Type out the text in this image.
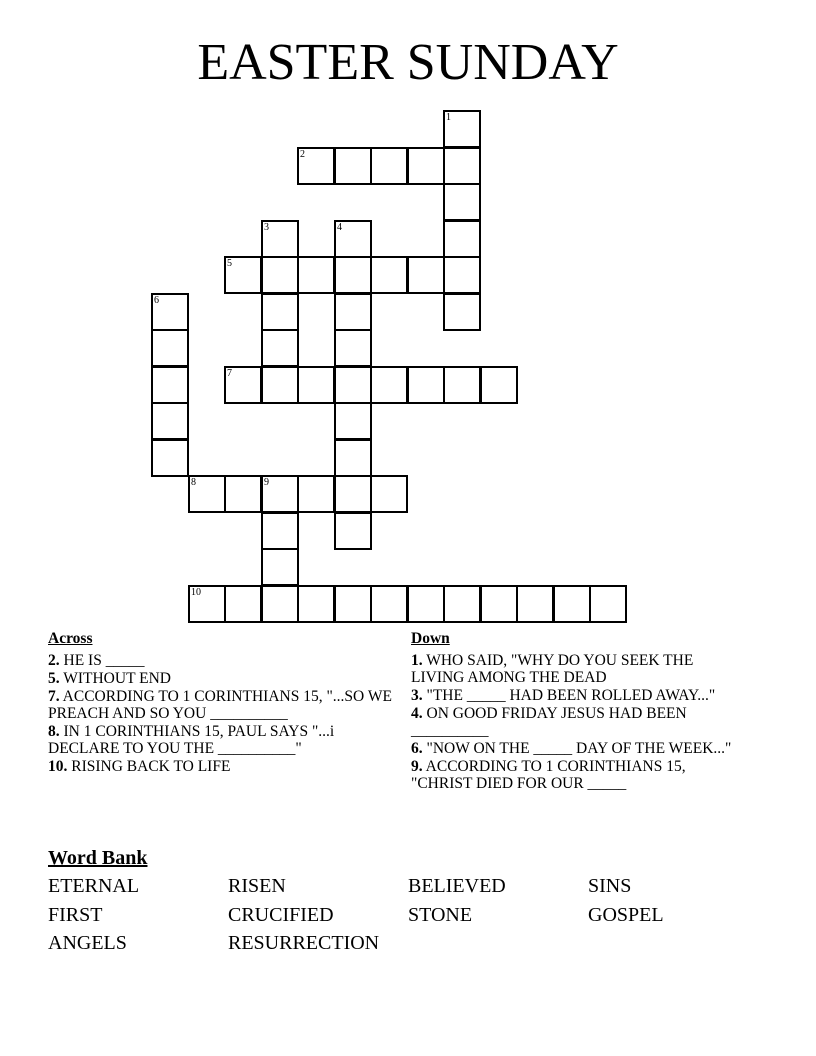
EASTER SUNDAY
1
2
3	4
5
6
7
8	9
10
Across
2. HE IS _____
5. WITHOUT END
7. ACCORDING TO 1 CORINTHIANS 15, "...SO WE PREACH AND SO YOU __________
8. IN 1 CORINTHIANS 15, PAUL SAYS "...i DECLARE TO YOU THE __________"
10. RISING BACK TO LIFE
Down
1. WHO SAID, "WHY DO YOU SEEK THE LIVING AMONG THE DEAD
3. "THE _____ HAD BEEN ROLLED AWAY..."
4. ON GOOD FRIDAY JESUS HAD BEEN __________
6. "NOW ON THE _____ DAY OF THE WEEK..."
9. ACCORDING TO 1 CORINTHIANS 15, "CHRIST DIED FOR OUR _____
Word Bank
ETERNAL	RISEN	BELIEVED	SINS
FIRST	CRUCIFIED	STONE	GOSPEL
ANGELS	RESURRECTION
